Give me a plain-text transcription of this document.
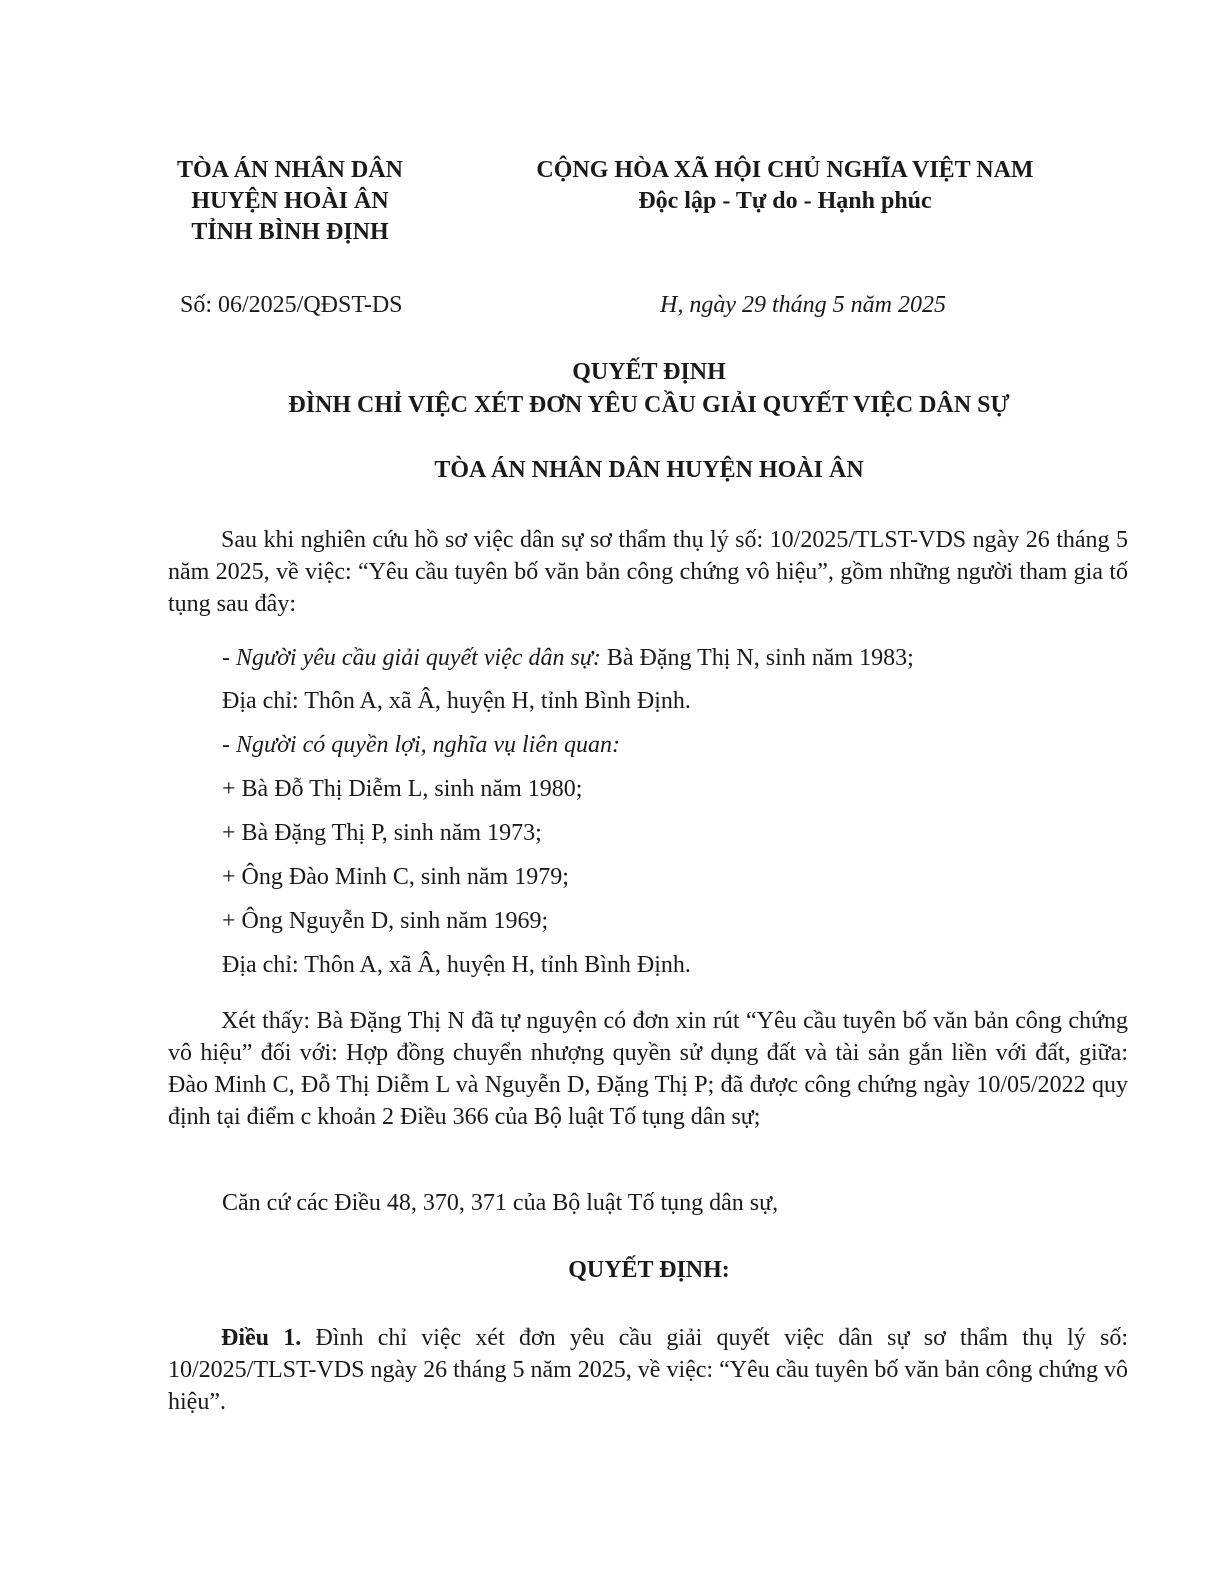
TÒA ÁN NHÂN DÂN
HUYỆN HOÀI ÂN
TỈNH BÌNH ĐỊNH
CỘNG HÒA XÃ HỘI CHỦ NGHĨA VIỆT NAM
Độc lập - Tự do - Hạnh phúc
Số: 06/2025/QĐST-DS	H, ngày 29 tháng 5 năm 2025
QUYẾT ĐỊNH
ĐÌNH CHỈ VIỆC XÉT ĐƠN YÊU CẦU GIẢI QUYẾT VIỆC DÂN SỰ
TÒA ÁN NHÂN DÂN HUYỆN HOÀI ÂN

Sau khi nghiên cứu hồ sơ việc dân sự sơ thẩm thụ lý số: 10/2025/TLST-VDS ngày 26 tháng 5 năm 2025, về việc: “Yêu cầu tuyên bố văn bản công chứng vô hiệu”, gồm những người tham gia tố tụng sau đây:

- Người yêu cầu giải quyết việc dân sự: Bà Đặng Thị N, sinh năm 1983;
Địa chỉ: Thôn A, xã Â, huyện H, tỉnh Bình Định.
- Người có quyền lợi, nghĩa vụ liên quan:
+ Bà Đỗ Thị Diễm L, sinh năm 1980;
+ Bà Đặng Thị P, sinh năm 1973;
+ Ông Đào Minh C, sinh năm 1979;
+ Ông Nguyễn D, sinh năm 1969;
Địa chỉ: Thôn A, xã Â, huyện H, tỉnh Bình Định.

Xét thấy: Bà Đặng Thị N đã tự nguyện có đơn xin rút “Yêu cầu tuyên bố văn bản công chứng vô hiệu” đối với: Hợp đồng chuyển nhượng quyền sử dụng đất và tài sản gắn liền với đất, giữa: Đào Minh C, Đỗ Thị Diễm L và Nguyễn D, Đặng Thị P; đã được công chứng ngày 10/05/2022 quy định tại điểm c khoản 2 Điều 366 của Bộ luật Tố tụng dân sự;

Căn cứ các Điều 48, 370, 371 của Bộ luật Tố tụng dân sự,
QUYẾT ĐỊNH:

Điều 1. Đình chỉ việc xét đơn yêu cầu giải quyết việc dân sự sơ thẩm thụ lý số: 10/2025/TLST-VDS ngày 26 tháng 5 năm 2025, về việc: “Yêu cầu tuyên bố văn bản công chứng vô hiệu”.
